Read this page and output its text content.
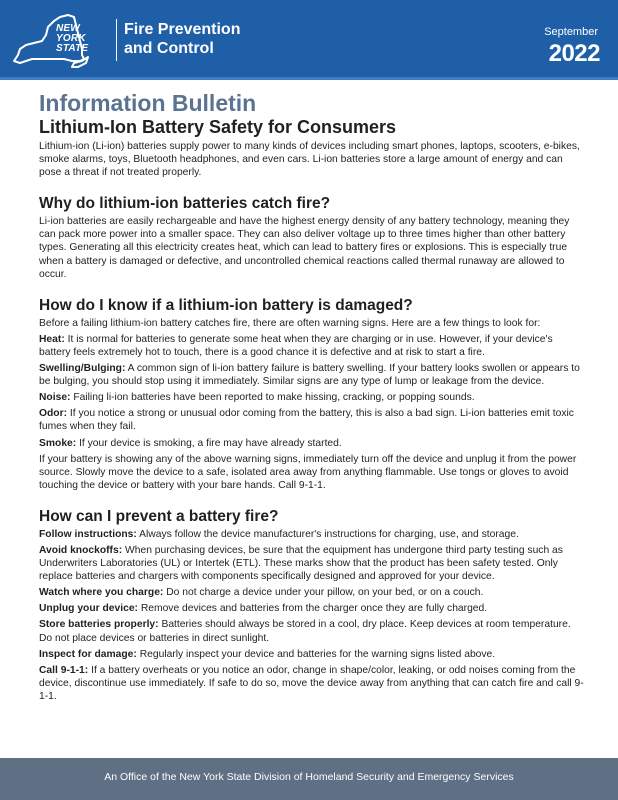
NEW
YORK
STATE
Fire Prevention
and Control
September
2022
Information Bulletin
Lithium-Ion Battery Safety for Consumers

Lithium-ion (Li-ion) batteries supply power to many kinds of devices including smart phones, laptops, scooters, e-bikes, smoke alarms, toys, Bluetooth headphones, and even cars. Li-ion batteries store a large amount of energy and can pose a threat if not treated properly.

Why do lithium-ion batteries catch fire?

Li-ion batteries are easily rechargeable and have the highest energy density of any battery technology, meaning they can pack more power into a smaller space. They can also deliver voltage up to three times higher than other battery types. Generating all this electricity creates heat, which can lead to battery fires or explosions. This is especially true when a battery is damaged or defective, and uncontrolled chemical reactions called thermal runaway are allowed to occur.

How do I know if a lithium-ion battery is damaged?

Before a failing lithium-ion battery catches fire, there are often warning signs. Here are a few things to look for:

Heat: It is normal for batteries to generate some heat when they are charging or in use. However, if your device's battery feels extremely hot to touch, there is a good chance it is defective and at risk to start a fire.

Swelling/Bulging: A common sign of li-ion battery failure is battery swelling. If your battery looks swollen or appears to be bulging, you should stop using it immediately. Similar signs are any type of lump or leakage from the device.

Noise: Failing li-ion batteries have been reported to make hissing, cracking, or popping sounds.

Odor: If you notice a strong or unusual odor coming from the battery, this is also a bad sign. Li-ion batteries emit toxic fumes when they fail.

Smoke: If your device is smoking, a fire may have already started.

If your battery is showing any of the above warning signs, immediately turn off the device and unplug it from the power source. Slowly move the device to a safe, isolated area away from anything flammable. Use tongs or gloves to avoid touching the device or battery with your bare hands. Call 9-1-1.

How can I prevent a battery fire?

Follow instructions: Always follow the device manufacturer's instructions for charging, use, and storage.

Avoid knockoffs: When purchasing devices, be sure that the equipment has undergone third party testing such as Underwriters Laboratories (UL) or Intertek (ETL). These marks show that the product has been safety tested. Only replace batteries and chargers with components specifically designed and approved for your device.

Watch where you charge: Do not charge a device under your pillow, on your bed, or on a couch.

Unplug your device: Remove devices and batteries from the charger once they are fully charged.

Store batteries properly: Batteries should always be stored in a cool, dry place. Keep devices at room temperature. Do not place devices or batteries in direct sunlight.

Inspect for damage: Regularly inspect your device and batteries for the warning signs listed above.

Call 9-1-1: If a battery overheats or you notice an odor, change in shape/color, leaking, or odd noises coming from the device, discontinue use immediately. If safe to do so, move the device away from anything that can catch fire and call 9-1-1.

An Office of the New York State Division of Homeland Security and Emergency Services
